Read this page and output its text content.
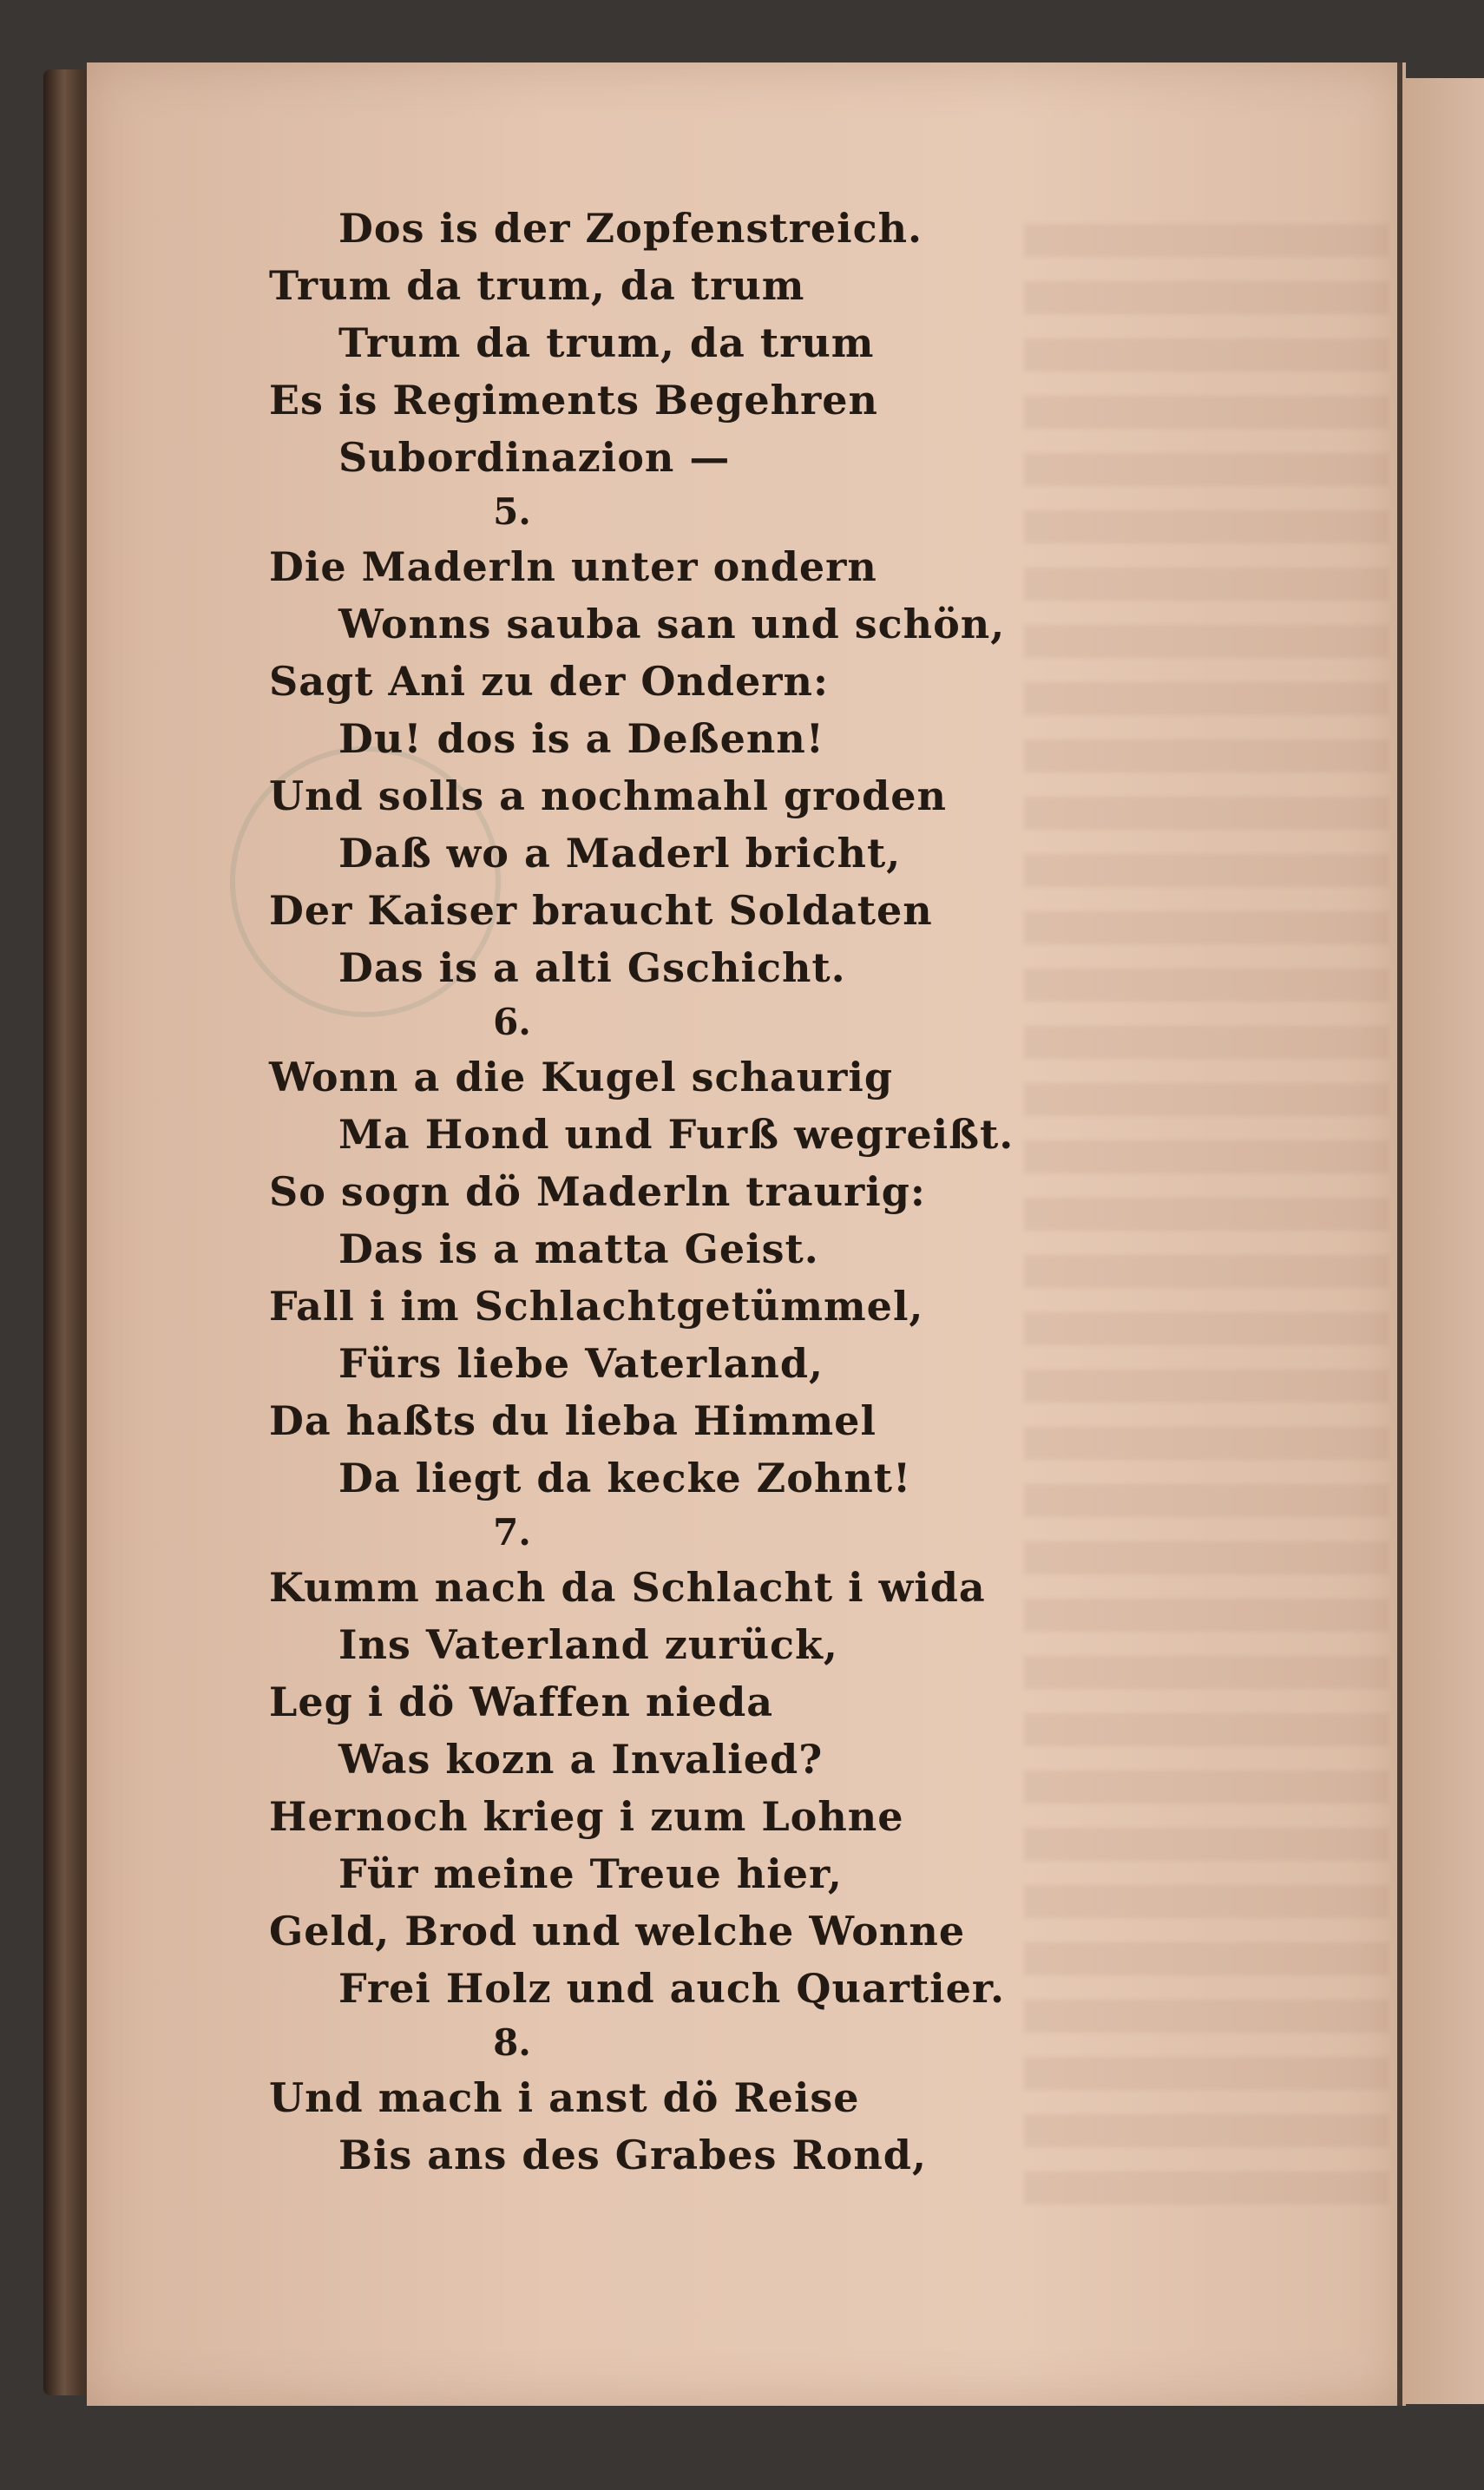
Dos is der Zopfenstreich.
Trum da trum, da trum
Trum da trum, da trum
Es is Regiments Begehren
Subordinazion —
5.
Die Maderln unter ondern
Wonns sauba san und schön,
Sagt Ani zu der Ondern:
Du! dos is a Deßenn!
Und solls a nochmahl groden
Daß wo a Maderl bricht,
Der Kaiser braucht Soldaten
Das is a alti Gschicht.
6.
Wonn a die Kugel schaurig
Ma Hond und Furß wegreißt.
So sogn dö Maderln traurig:
Das is a matta Geist.
Fall i im Schlachtgetümmel,
Fürs liebe Vaterland,
Da haßts du lieba Himmel
Da liegt da kecke Zohnt!
7.
Kumm nach da Schlacht i wida
Ins Vaterland zurück,
Leg i dö Waffen nieda
Was kozn a Invalied?
Hernoch krieg i zum Lohne
Für meine Treue hier,
Geld, Brod und welche Wonne
Frei Holz und auch Quartier.
8.
Und mach i anst dö Reise
Bis ans des Grabes Rond,
